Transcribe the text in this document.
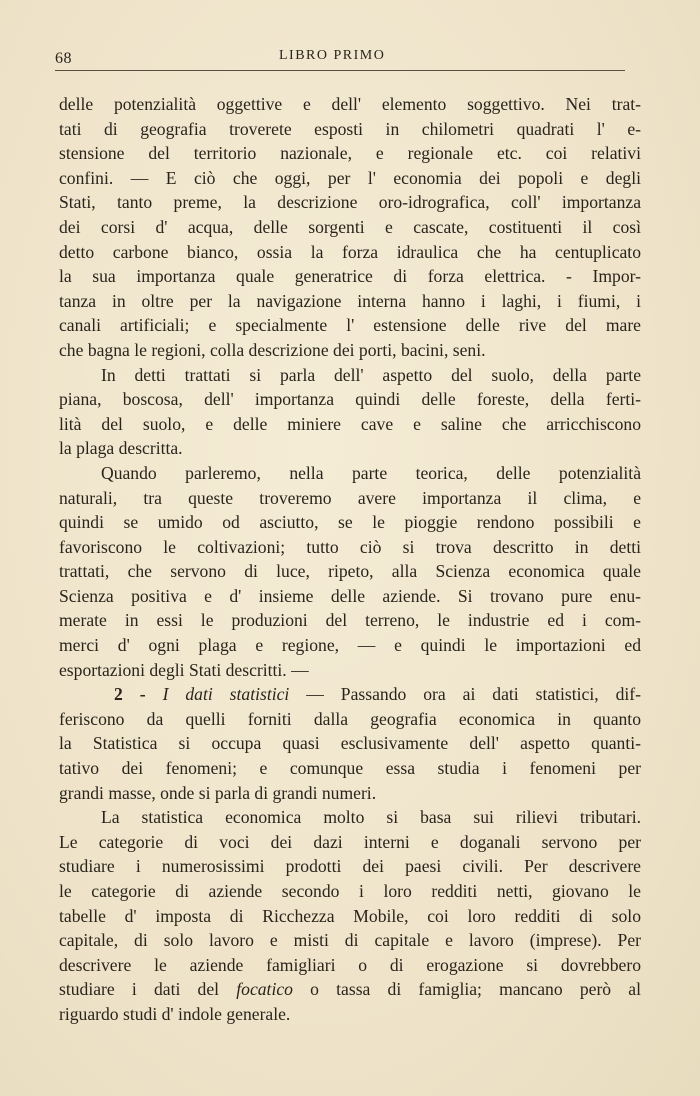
68	LIBRO PRIMO
delle potenzialità oggettive e dell' elemento soggettivo. Nei trat-
tati di geografia troverete esposti in chilometri quadrati l' e-
stensione del territorio nazionale, e regionale etc. coi relativi
confini. — E ciò che oggi, per l' economia dei popoli e degli
Stati, tanto preme, la descrizione oro-idrografica, coll' importanza
dei corsi d' acqua, delle sorgenti e cascate, costituenti il così
detto carbone bianco, ossia la forza idraulica che ha centuplicato
la sua importanza quale generatrice di forza elettrica. - Impor-
tanza in oltre per la navigazione interna hanno i laghi, i fiumi, i
canali artificiali; e specialmente l' estensione delle rive del mare
che bagna le regioni, colla descrizione dei porti, bacini, seni.
In detti trattati si parla dell' aspetto del suolo, della parte
piana, boscosa, dell' importanza quindi delle foreste, della ferti-
lità del suolo, e delle miniere cave e saline che arricchiscono
la plaga descritta.
Quando parleremo, nella parte teorica, delle potenzialità
naturali, tra queste troveremo avere importanza il clima, e
quindi se umido od asciutto, se le pioggie rendono possibili e
favoriscono le coltivazioni; tutto ciò si trova descritto in detti
trattati, che servono di luce, ripeto, alla Scienza economica quale
Scienza positiva e d' insieme delle aziende. Si trovano pure enu-
merate in essi le produzioni del terreno, le industrie ed i com-
merci d' ogni plaga e regione, — e quindi le importazioni ed
esportazioni degli Stati descritti. —
2 - I dati statistici — Passando ora ai dati statistici, dif-
feriscono da quelli forniti dalla geografia economica in quanto
la Statistica si occupa quasi esclusivamente dell' aspetto quanti-
tativo dei fenomeni; e comunque essa studia i fenomeni per
grandi masse, onde si parla di grandi numeri.
La statistica economica molto si basa sui rilievi tributari.
Le categorie di voci dei dazi interni e doganali servono per
studiare i numerosissimi prodotti dei paesi civili. Per descrivere
le categorie di aziende secondo i loro redditi netti, giovano le
tabelle d' imposta di Ricchezza Mobile, coi loro redditi di solo
capitale, di solo lavoro e misti di capitale e lavoro (imprese). Per
descrivere le aziende famigliari o di erogazione si dovrebbero
studiare i dati del focatico o tassa di famiglia; mancano però al
riguardo studi d' indole generale.
